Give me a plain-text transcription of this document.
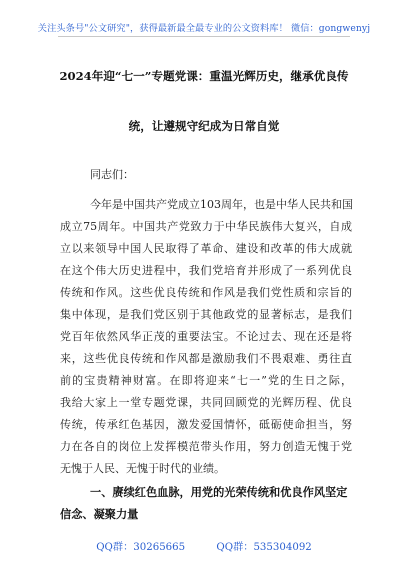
关注头条号"公文研究"，获得最新最全最专业的公文资料库！ 微信：gongwenyj
2024年迎“七一”专题党课：重温光辉历史，继承优良传
统，让遵规守纪成为日常自觉
同志们：
今年是中国共产党成立103周年，也是中华人民共和国
成立75周年。中国共产党致力于中华民族伟大复兴，自成
立以来领导中国人民取得了革命、建设和改革的伟大成就
在这个伟大历史进程中，我们党培育并形成了一系列优良
传统和作风。这些优良传统和作风是我们党性质和宗旨的
集中体现，是我们党区别于其他政党的显著标志，是我们
党百年依然风华正茂的重要法宝。不论过去、现在还是将
来，这些优良传统和作风都是激励我们不畏艰难、勇往直
前的宝贵精神财富。在即将迎来“七一”党的生日之际，
我给大家上一堂专题党课，共同回顾党的光辉历程、优良
传统，传承红色基因，激发爱国情怀，砥砺使命担当，努
力在各自的岗位上发挥模范带头作用，努力创造无愧于党
无愧于人民、无愧于时代的业绩。
一、赓续红色血脉，用党的光荣传统和优良作风坚定
信念、凝聚力量
QQ群：30265665	QQ群：535304092
